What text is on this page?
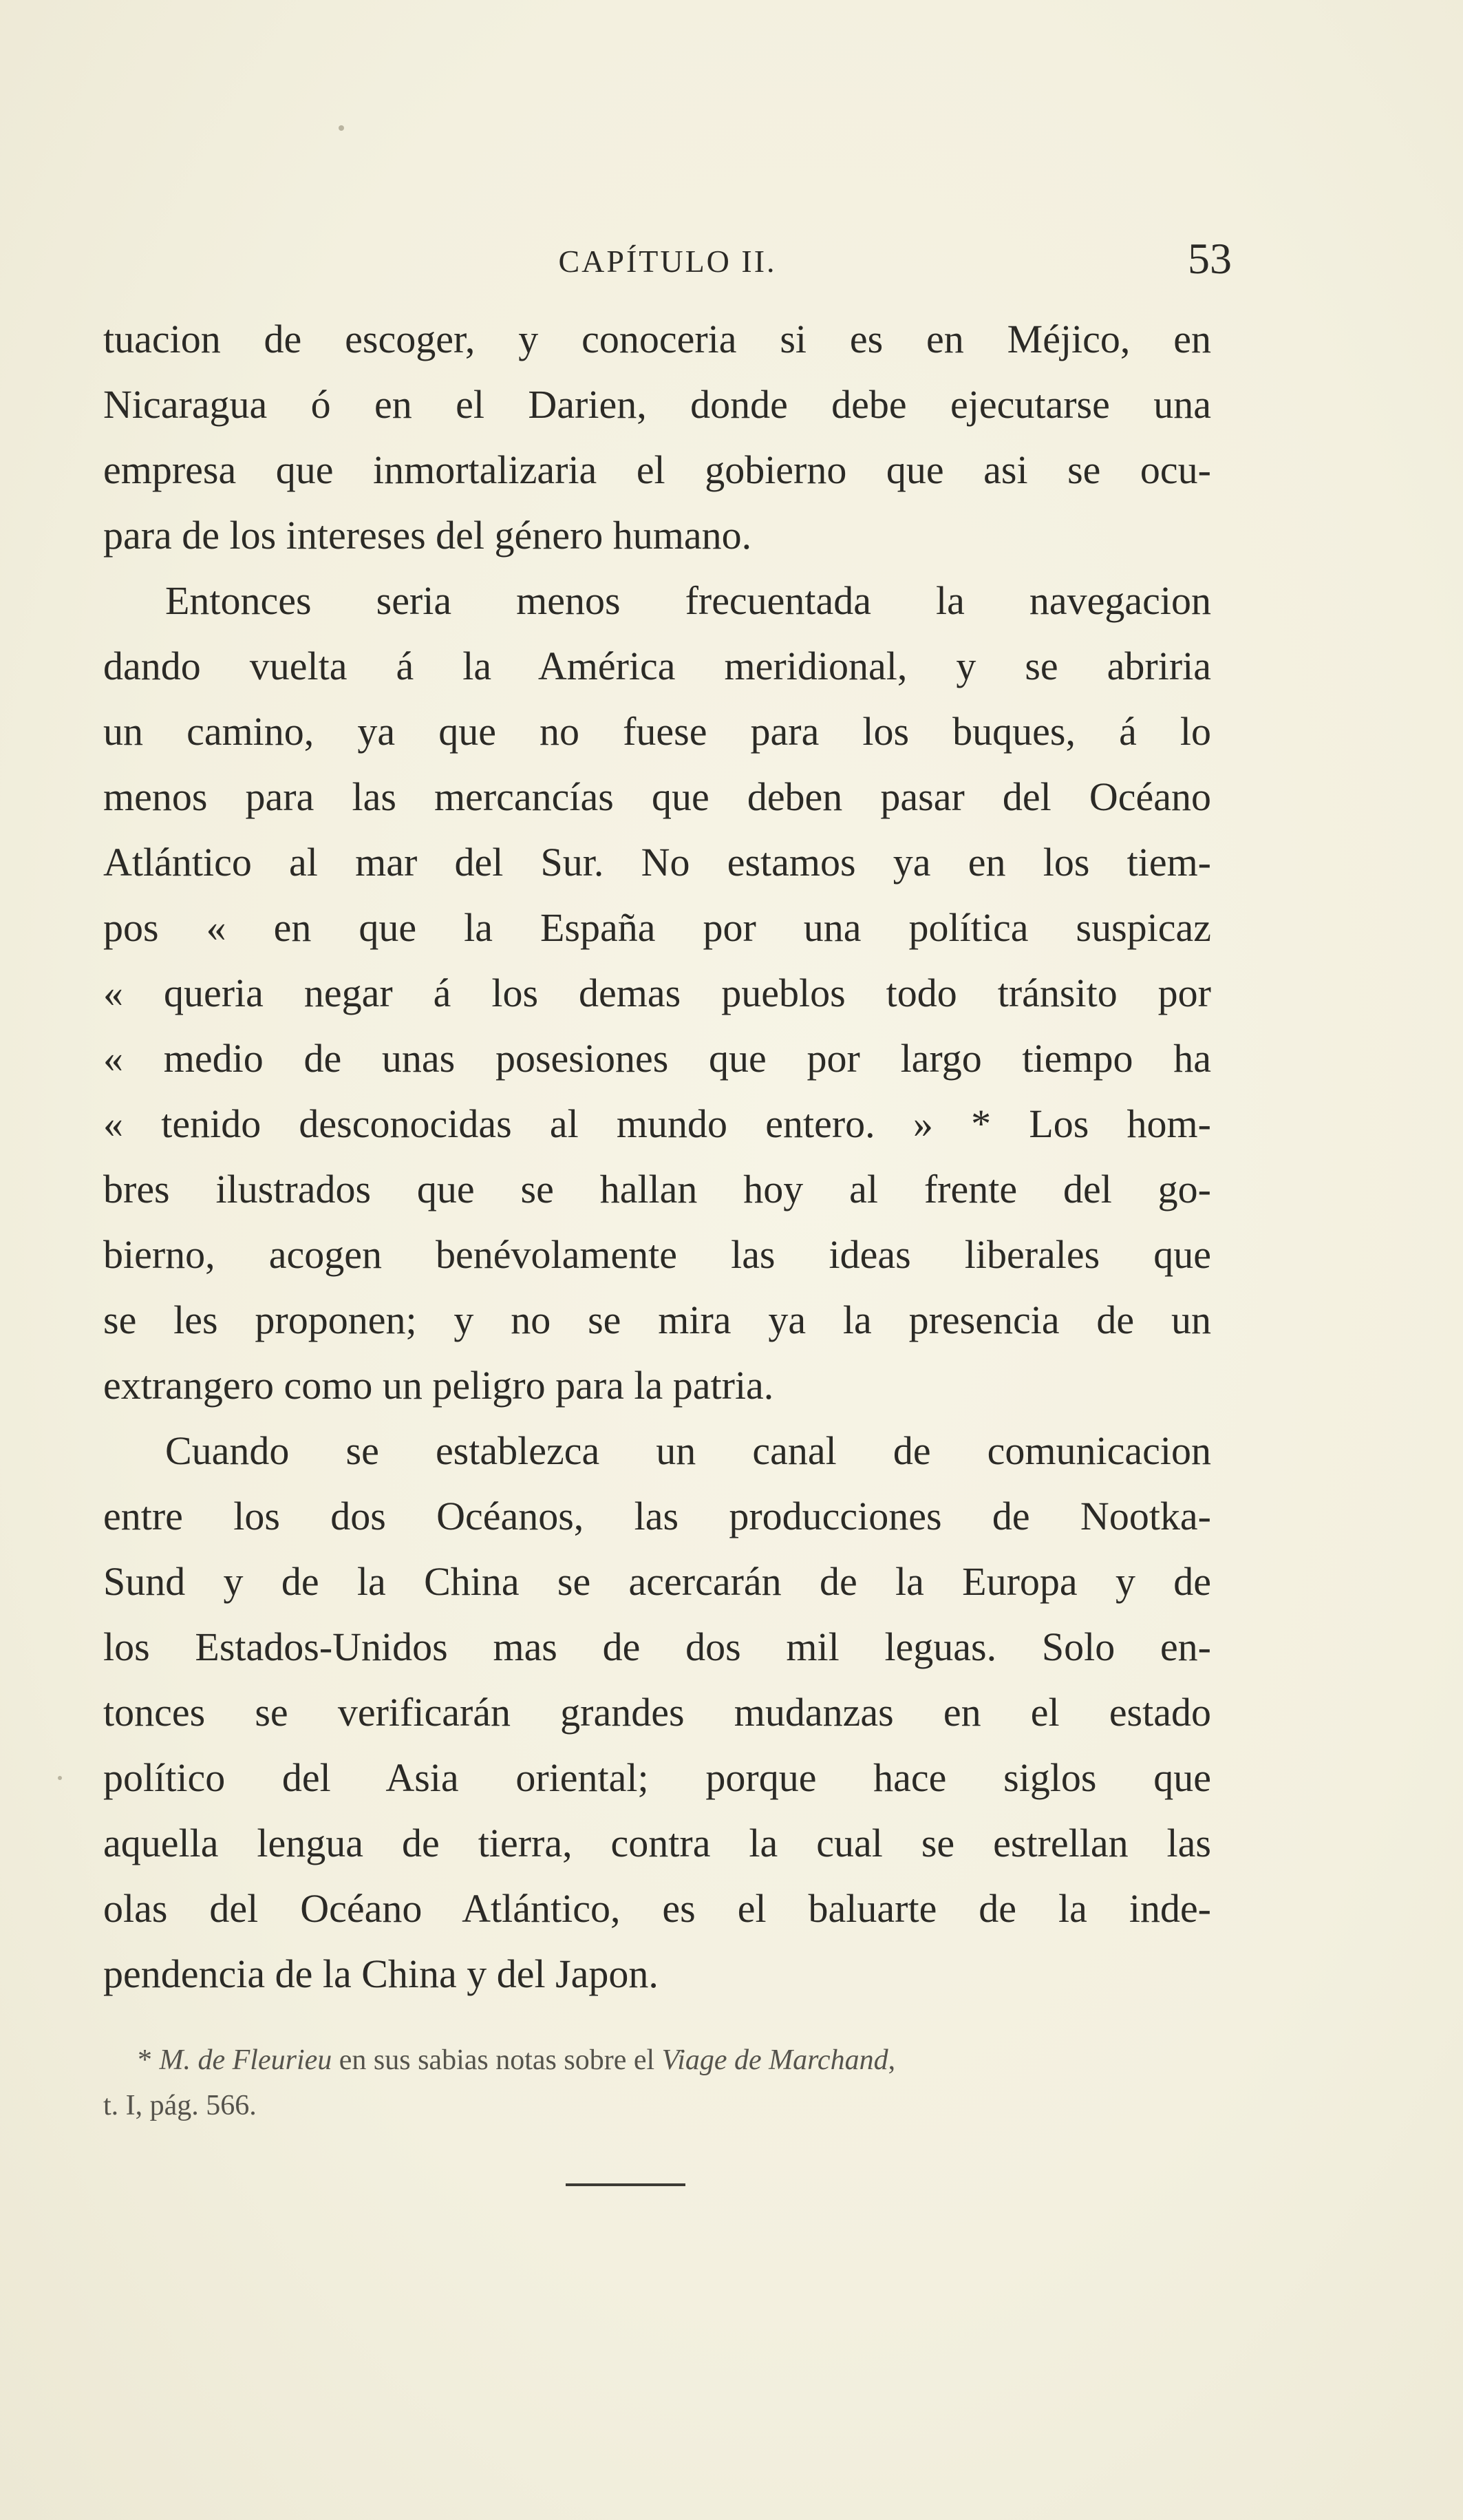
CAPÍTULO II.	53
tuacion de escoger, y conoceria si es en Méjico, en
Nicaragua ó en el Darien, donde debe ejecutarse una
empresa que inmortalizaria el gobierno que asi se ocu-
para de los intereses del género humano.
Entonces seria menos frecuentada la navegacion
dando vuelta á la América meridional, y se abriria
un camino, ya que no fuese para los buques, á lo
menos para las mercancías que deben pasar del Océano
Atlántico al mar del Sur. No estamos ya en los tiem-
pos « en que la España por una política suspicaz
« queria negar á los demas pueblos todo tránsito por
« medio de unas posesiones que por largo tiempo ha
« tenido desconocidas al mundo entero. » * Los hom-
bres ilustrados que se hallan hoy al frente del go-
bierno, acogen benévolamente las ideas liberales que
se les proponen; y no se mira ya la presencia de un
extrangero como un peligro para la patria.
Cuando se establezca un canal de comunicacion
entre los dos Océanos, las producciones de Nootka-
Sund y de la China se acercarán de la Europa y de
los Estados-Unidos mas de dos mil leguas. Solo en-
tonces se verificarán grandes mudanzas en el estado
político del Asia oriental; porque hace siglos que
aquella lengua de tierra, contra la cual se estrellan las
olas del Océano Atlántico, es el baluarte de la inde-
pendencia de la China y del Japon.
* M. de Fleurieu en sus sabias notas sobre el Viage de Marchand,
t. I, pág. 566.
